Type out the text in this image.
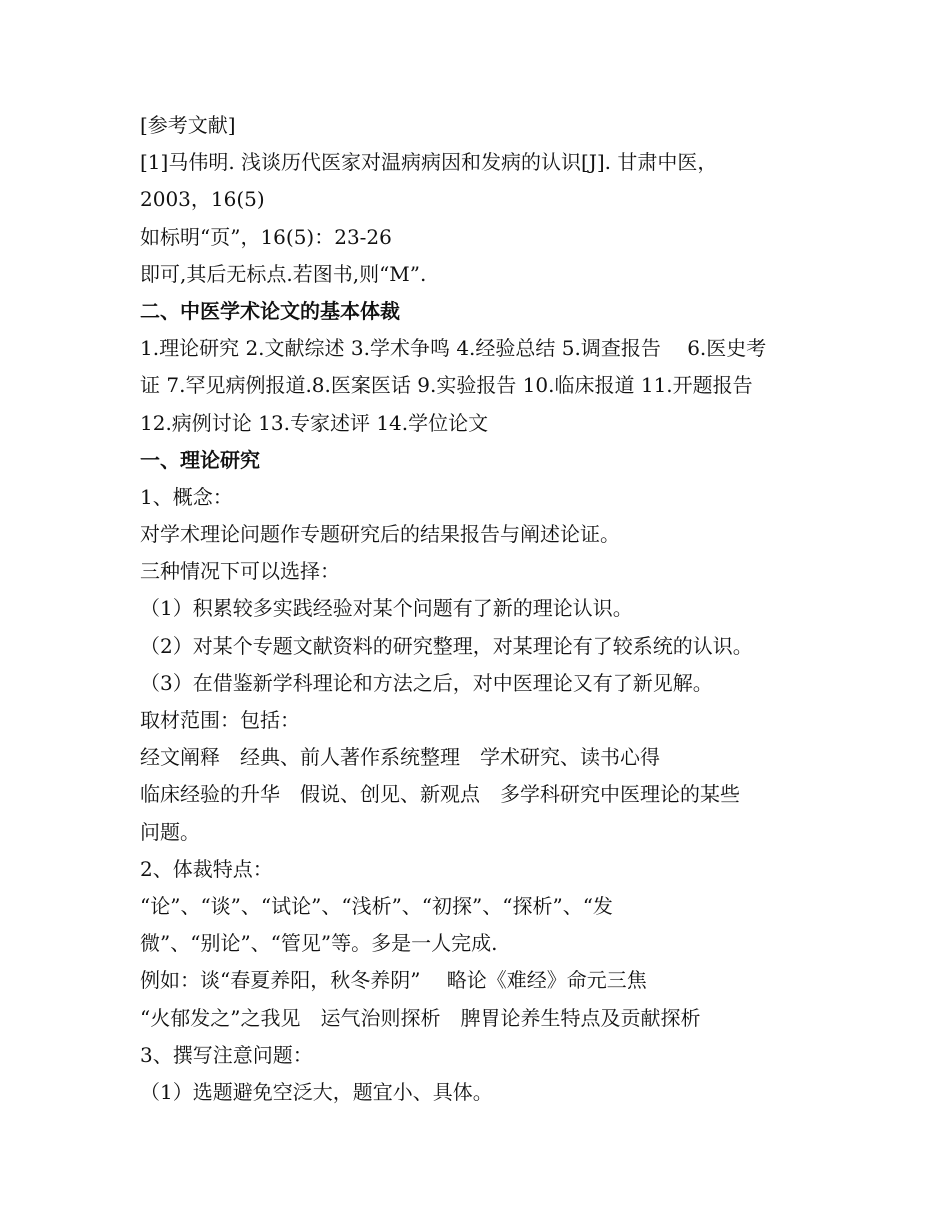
[参考文献]

[1]马伟明. 浅谈历代医家对温病病因和发病的认识[J]. 甘肃中医，

2003，16(5)

如标明“页”，16(5)：23-26

即可,其后无标点.若图书,则“M”.

二、中医学术论文的基本体裁

1.理论研究 2.文献综述 3.学术争鸣 4.经验总结 5.调查报告　 6.医史考

证 7.罕见病例报道.8.医案医话 9.实验报告 10.临床报道 11.开题报告

12.病例讨论 13.专家述评 14.学位论文

一、理论研究

1、概念：

对学术理论问题作专题研究后的结果报告与阐述论证。

三种情况下可以选择：

（1）积累较多实践经验对某个问题有了新的理论认识。

（2）对某个专题文献资料的研究整理，对某理论有了较系统的认识。

（3）在借鉴新学科理论和方法之后，对中医理论又有了新见解。

取材范围：包括：

经文阐释　经典、前人著作系统整理　学术研究、读书心得

临床经验的升华　假说、创见、新观点　多学科研究中医理论的某些

问题。

2、体裁特点：

“论”、“谈”、“试论”、“浅析”、“初探”、“探析”、“发

微”、“别论”、“管见”等。多是一人完成.

例如：谈“春夏养阳，秋冬养阴”　 略论《难经》命元三焦

“火郁发之”之我见　运气治则探析　脾胃论养生特点及贡献探析

3、撰写注意问题：

（1）选题避免空泛大，题宜小、具体。
